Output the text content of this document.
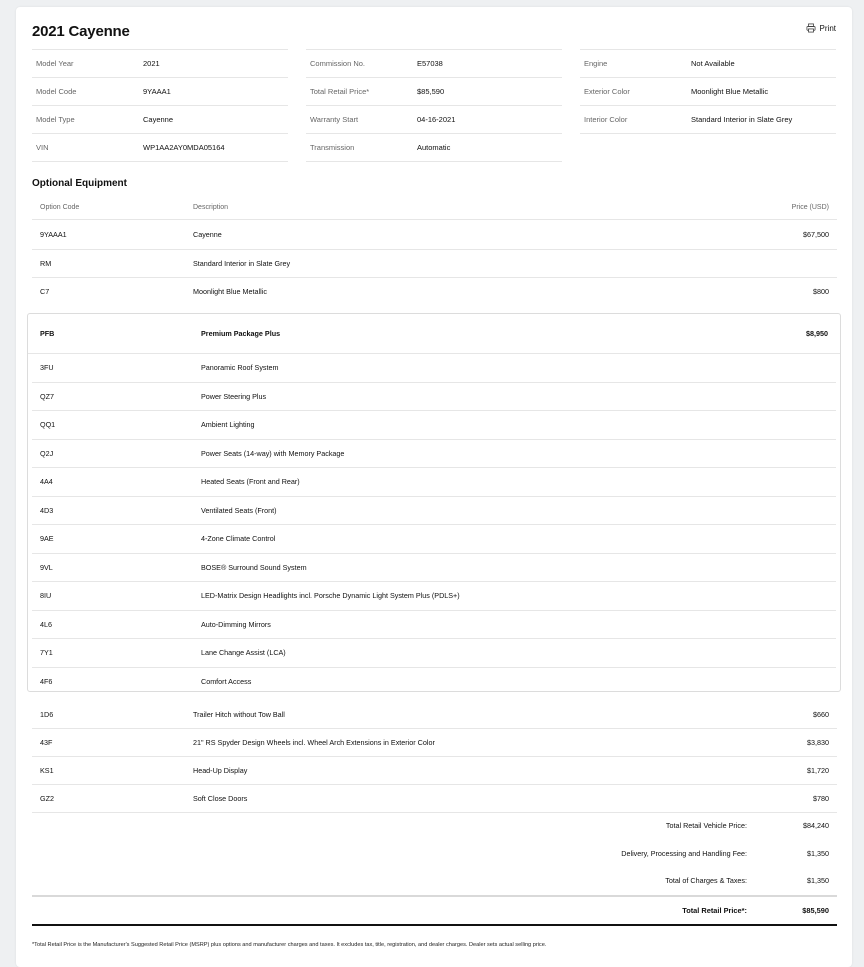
2021 Cayenne	Print
Model Year	2021
Model Code	9YAAA1
Model Type	Cayenne
VIN	WP1AA2AY0MDA05164
Commission No.	E57038
Total Retail Price*	$85,590
Warranty Start	04-16-2021
Transmission	Automatic
Engine	Not Available
Exterior Color	Moonlight Blue Metallic
Interior Color	Standard Interior in Slate Grey
Optional Equipment
Option Code	Description	Price (USD)
9YAAA1	Cayenne	$67,500
RM	Standard Interior in Slate Grey
C7	Moonlight Blue Metallic	$800
PFB	Premium Package Plus	$8,950
3FU	Panoramic Roof System
QZ7	Power Steering Plus
QQ1	Ambient Lighting
Q2J	Power Seats (14-way) with Memory Package
4A4	Heated Seats (Front and Rear)
4D3	Ventilated Seats (Front)
9AE	4-Zone Climate Control
9VL	BOSE® Surround Sound System
8IU	LED-Matrix Design Headlights incl. Porsche Dynamic Light System Plus (PDLS+)
4L6	Auto-Dimming Mirrors
7Y1	Lane Change Assist (LCA)
4F6	Comfort Access
1D6	Trailer Hitch without Tow Ball	$660
43F	21" RS Spyder Design Wheels incl. Wheel Arch Extensions in Exterior Color	$3,830
KS1	Head-Up Display	$1,720
GZ2	Soft Close Doors	$780
Total Retail Vehicle Price:	$84,240
Delivery, Processing and Handling Fee:	$1,350
Total of Charges & Taxes:	$1,350
Total Retail Price*:	$85,590
*Total Retail Price is the Manufacturer's Suggested Retail Price (MSRP) plus options and manufacturer charges and taxes. It excludes tax, title, registration, and dealer charges. Dealer sets actual selling price.
